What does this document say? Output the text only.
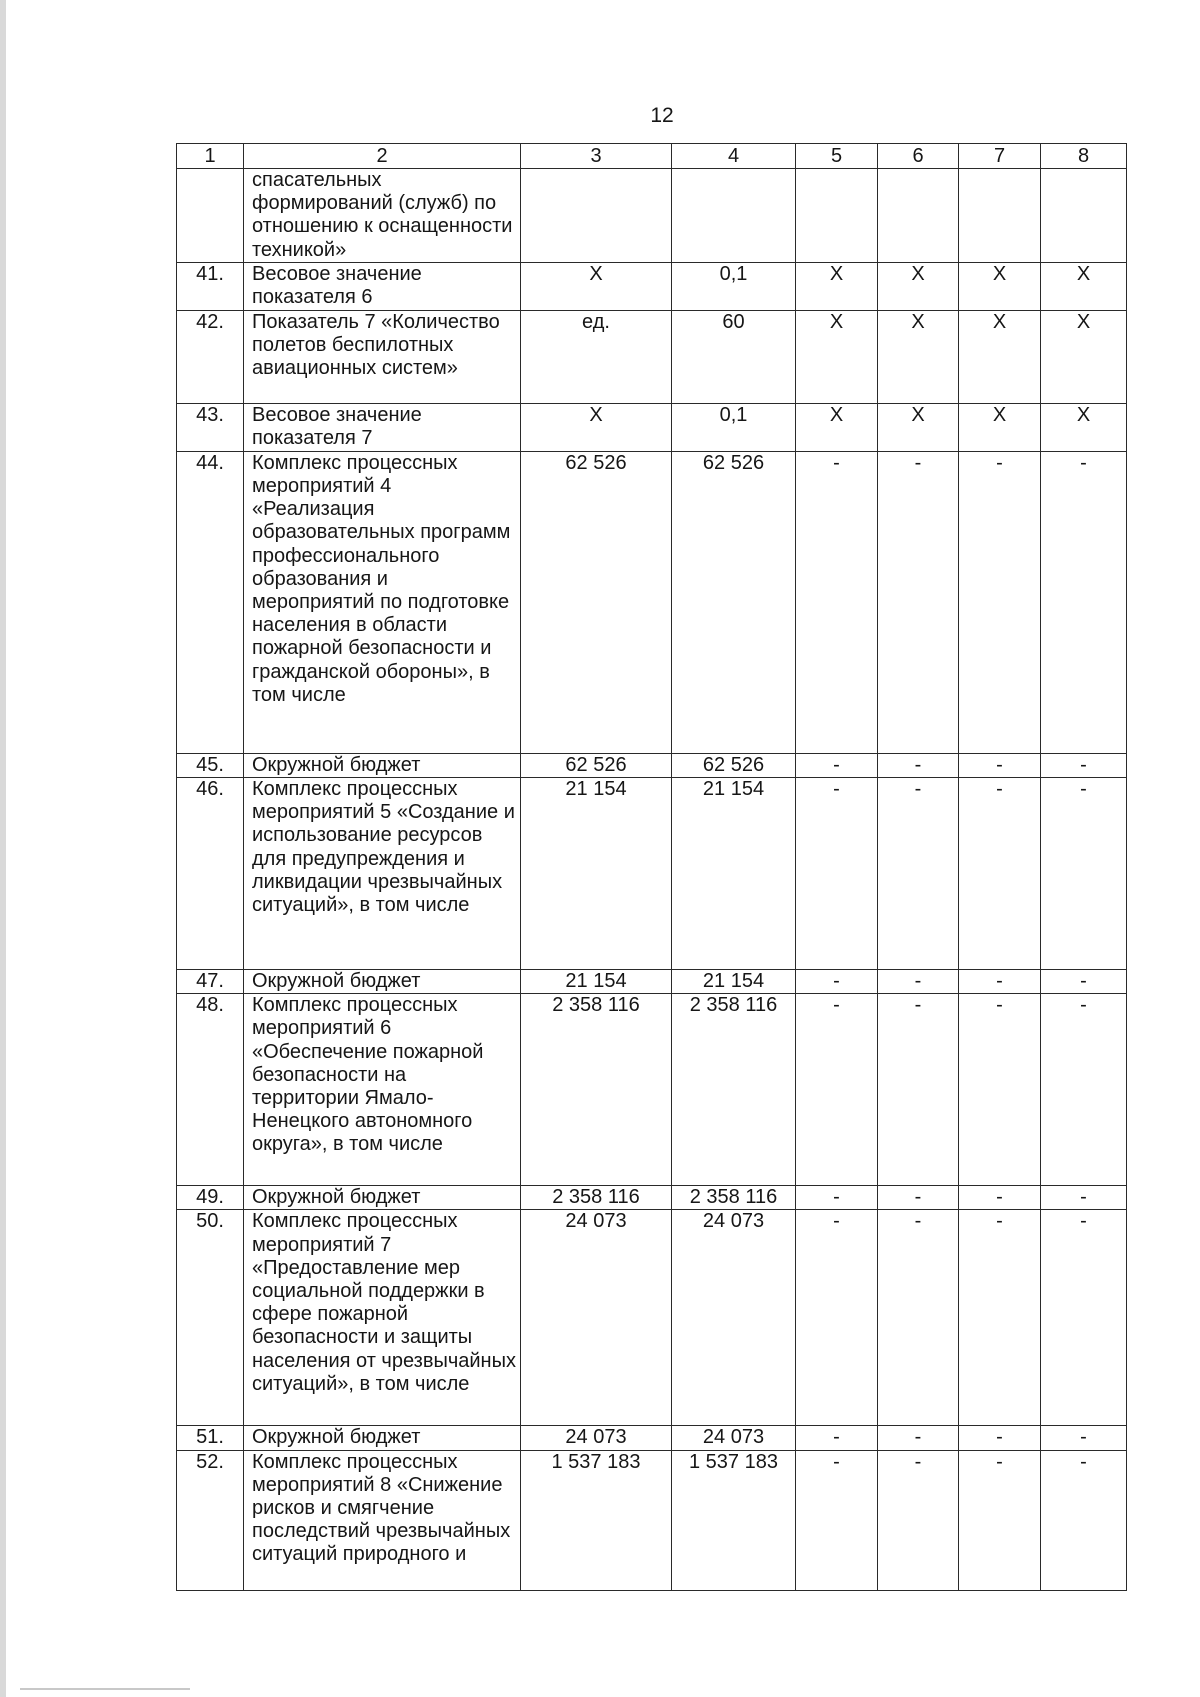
12
1	2	3	4	5	6	7	8
	спасательных формирований (служб) по отношению к оснащенности техникой»						
41.	Весовое значение показателя 6	X	0,1	X	X	X	X
42.	Показатель 7 «Количество полетов беспилотных авиационных систем»	ед.	60	X	X	X	X
43.	Весовое значение показателя 7	X	0,1	X	X	X	X
44.	Комплекс процессных мероприятий 4 «Реализация образовательных программ профессионального образования и мероприятий по подготовке населения в области пожарной безопасности и гражданской обороны», в том числе	62 526	62 526	-	-	-	-
45.	Окружной бюджет	62 526	62 526	-	-	-	-
46.	Комплекс процессных мероприятий 5 «Создание и использование ресурсов для предупреждения и ликвидации чрезвычайных ситуаций», в том числе	21 154	21 154	-	-	-	-
47.	Окружной бюджет	21 154	21 154	-	-	-	-
48.	Комплекс процессных мероприятий 6 «Обеспечение пожарной безопасности на территории Ямало-Ненецкого автономного округа», в том числе	2 358 116	2 358 116	-	-	-	-
49.	Окружной бюджет	2 358 116	2 358 116	-	-	-	-
50.	Комплекс процессных мероприятий 7 «Предоставление мер социальной поддержки в сфере пожарной безопасности и защиты населения от чрезвычайных ситуаций», в том числе	24 073	24 073	-	-	-	-
51.	Окружной бюджет	24 073	24 073	-	-	-	-
52.	Комплекс процессных мероприятий 8 «Снижение рисков и смягчение последствий чрезвычайных ситуаций природного и	1 537 183	1 537 183	-	-	-	-
